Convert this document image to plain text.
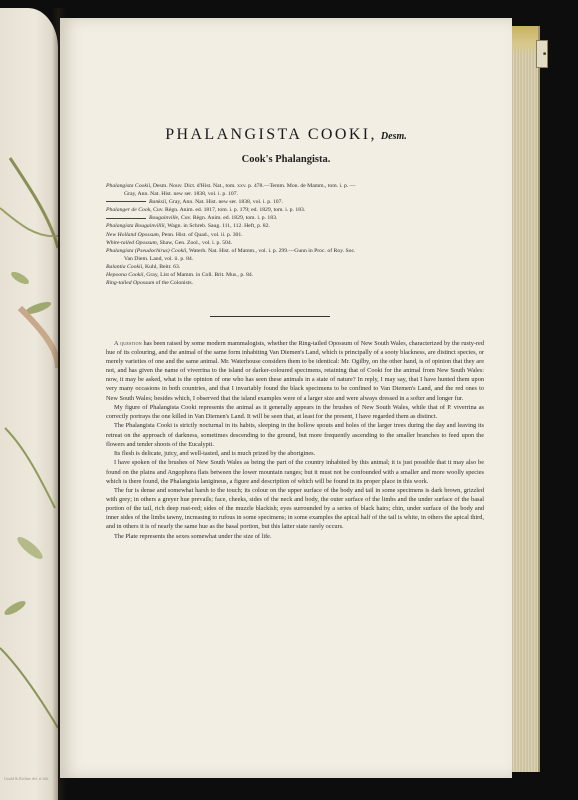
Gould & Richter del. et lith.
■
PHALANGISTA COOKI, Desm.
Cook's Phalangista.
Phalangista Cookii, Desm. Nouv. Dict. d'Hist. Nat., tom. xxv. p. 478.—Temm. Mon. de Mamm., tom. i. p. —
Gray, Ann. Nat. Hist. new ser. 1838, vol. i. p. 107.
Banksii, Gray, Ann. Nat. Hist. new ser. 1838, vol. i. p. 107.
Phalanger de Cook, Cuv. Règn. Anim. ed. 1817, tom. i. p. 179; ed. 1829, tom. i. p. 183.
Bougainville, Cuv. Règn. Anim. ed. 1829, tom. i. p. 183.
Phalangista Bougainvillii, Wagn. in Schreb. Saug. 111, 112. Heft, p. 82.
New Holland Opossum, Penn. Hist. of Quad., vol. ii. p. 301.
White-tailed Opossum, Shaw, Gen. Zool., vol. i. p. 504.
Phalangista (Pseudochirus) Cookii, Waterh. Nat. Hist. of Mamm., vol. i. p. 299.—Gunn in Proc. of Roy. Soc.
Van Diem. Land, vol. ii. p. 84.
Balantia Cookii, Kuhl, Beitr. 63.
Hepoona Cookii, Gray, List of Mamm. in Coll. Brit. Mus., p. 84.
Ring-tailed Opossum of the Colonists.

A question has been raised by some modern mammalogists, whether the Ring-tailed Opossum of New South Wales, characterized by the rusty-red hue of its colouring, and the animal of the same form inhabiting Van Diemen's Land, which is principally of a sooty blackness, are distinct species, or merely varieties of one and the same animal. Mr. Waterhouse considers them to be identical: Mr. Ogilby, on the other hand, is of opinion that they are not, and has given the name of viverrina to the island or darker-coloured specimens, retaining that of Cooki for the animal from New South Wales: now, it may be asked, what is the opinion of one who has seen these animals in a state of nature? In reply, I may say, that I have hunted them upon very many occasions in both countries, and that I invariably found the black specimens to be confined to Van Diemen's Land, and the red ones to New South Wales; besides which, I observed that the island examples were of a larger size and were always dressed in a softer and longer fur.

My figure of Phalangista Cooki represents the animal as it generally appears in the brushes of New South Wales, while that of P. viverrina as correctly portrays the one killed in Van Diemen's Land. It will be seen that, at least for the present, I have regarded them as distinct.

The Phalangista Cooki is strictly nocturnal in its habits, sleeping in the hollow spouts and holes of the larger trees during the day and leaving its retreat on the approach of darkness, sometimes descending to the ground, but more frequently ascending to the smaller branches to feed upon the flowers and tender shoots of the Eucalypti.

Its flesh is delicate, juicy, and well-tasted, and is much prized by the aborigines.

I have spoken of the brushes of New South Wales as being the part of the country inhabited by this animal; it is just possible that it may also be found on the plains and Angophora flats between the lower mountain ranges; but it must not be confounded with a smaller and more woolly species which is there found, the Phalangista lanigineus, a figure and description of which will be found in its proper place in this work.

The fur is dense and somewhat harsh to the touch; its colour on the upper surface of the body and tail in some specimens is dark brown, grizzled with grey; in others a greyer hue prevails; face, cheeks, sides of the neck and body, the outer surface of the limbs and the under surface of the basal portion of the tail, rich deep rust-red; sides of the muzzle blackish; eyes surrounded by a series of black hairs; chin, under surface of the body and inner sides of the limbs tawny, increasing to rufous in some specimens; in some examples the apical half of the tail is white, in others the apical third, and in others it is of nearly the same hue as the basal portion, but this latter state rarely occurs.

The Plate represents the sexes somewhat under the size of life.
